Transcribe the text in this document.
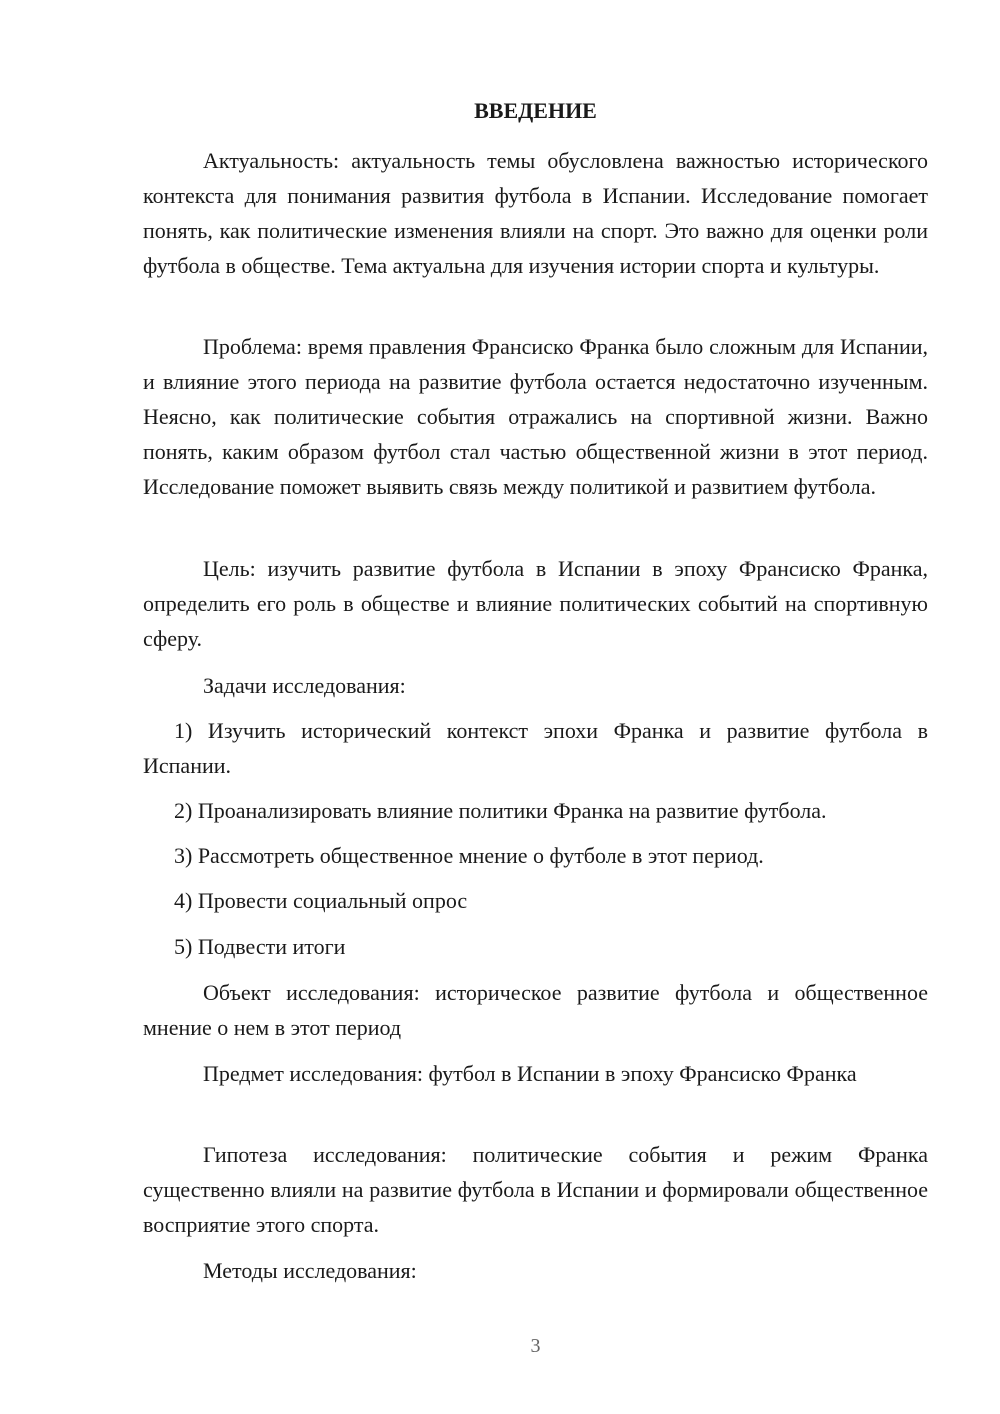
ВВЕДЕНИЕ

Актуальность: актуальность темы обусловлена важностью исторического контекста для понимания развития футбола в Испании. Исследование помогает понять, как политические изменения влияли на спорт. Это важно для оценки роли футбола в обществе. Тема актуальна для изучения истории спорта и культуры.

Проблема: время правления Франсиско Франка было сложным для Испании, и влияние этого периода на развитие футбола остается недостаточно изученным. Неясно, как политические события отражались на спортивной жизни. Важно понять, каким образом футбол стал частью общественной жизни в этот период. Исследование поможет выявить связь между политикой и развитием футбола.

Цель: изучить развитие футбола в Испании в эпоху Франсиско Франка, определить его роль в обществе и влияние политических событий на спортивную сферу.

Задачи исследования:

1) Изучить исторический контекст эпохи Франка и развитие футбола в Испании.

2) Проанализировать влияние политики Франка на развитие футбола.

3) Рассмотреть общественное мнение о футболе в этот период.

4) Провести социальный опрос

5) Подвести итоги

Объект исследования: историческое развитие футбола и общественное мнение о нем в этот период

Предмет исследования: футбол в Испании в эпоху Франсиско Франка

Гипотеза исследования: политические события и режим Франка существенно влияли на развитие футбола в Испании и формировали общественное восприятие этого спорта.

Методы исследования:

3
